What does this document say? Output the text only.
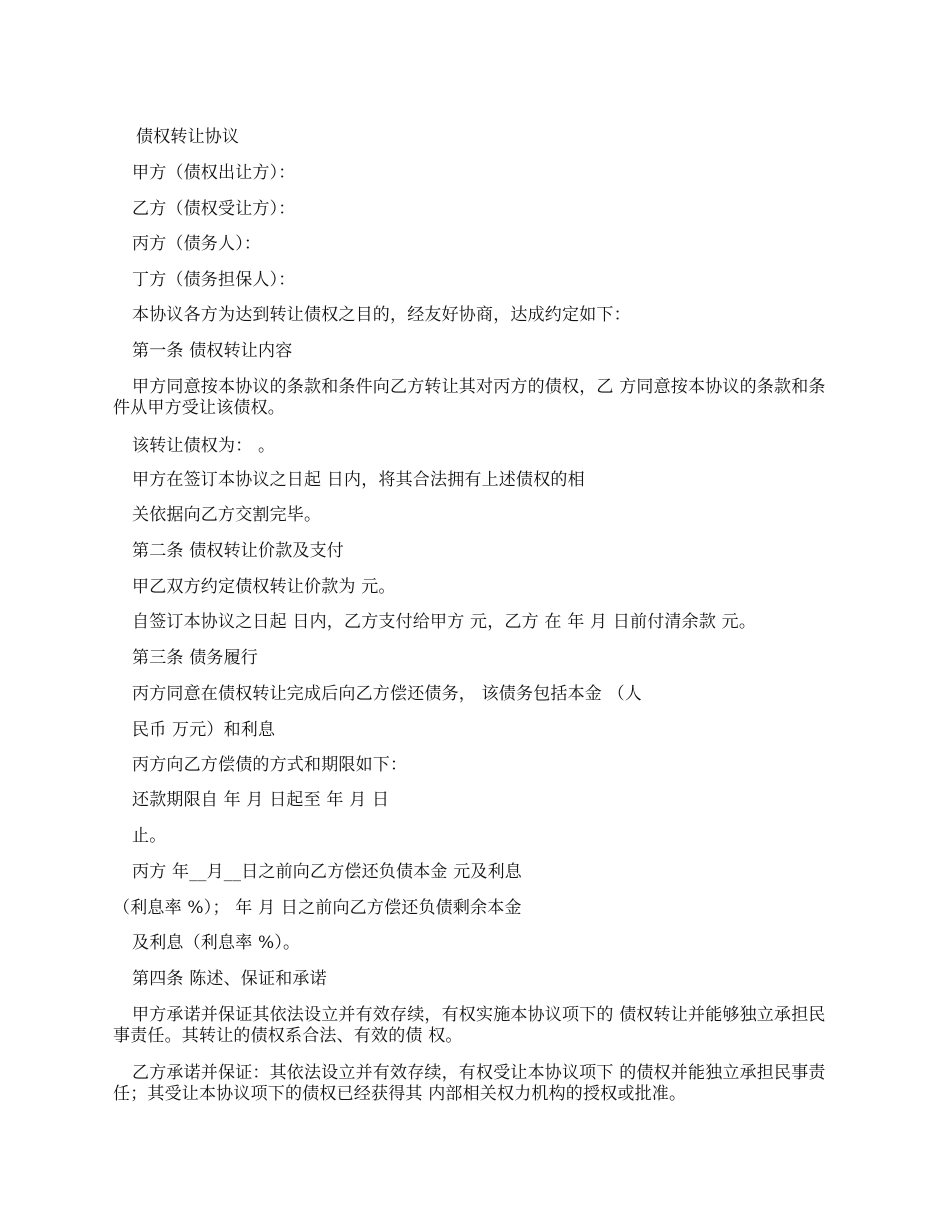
债权转让协议
甲方（债权出让方）：
乙方（债权受让方）：
丙方（债务人）：
丁方（债务担保人）：
本协议各方为达到转让债权之目的，经友好协商，达成约定如下：
第一条 债权转让内容
甲方同意按本协议的条款和条件向乙方转让其对丙方的债权，乙 方同意按本协议的条款和条件从甲方受让该债权。
该转让债权为： 。
甲方在签订本协议之日起 日内，将其合法拥有上述债权的相
关依据向乙方交割完毕。
第二条 债权转让价款及支付
甲乙双方约定债权转让价款为 元。
自签订本协议之日起 日内，乙方支付给甲方 元，乙方 在 年 月 日前付清余款 元。
第三条 债务履行
丙方同意在债权转让完成后向乙方偿还债务， 该债务包括本金 （人
民币 万元）和利息
丙方向乙方偿债的方式和期限如下：
还款期限自 年 月 日起至 年 月 日
止。
丙方 年__月__日之前向乙方偿还负债本金 元及利息
（利息率 %）； 年 月 日之前向乙方偿还负债剩余本金
及利息（利息率 %）。
第四条 陈述、保证和承诺
甲方承诺并保证其依法设立并有效存续，有权实施本协议项下的 债权转让并能够独立承担民事责任。其转让的债权系合法、有效的债 权。
乙方承诺并保证：其依法设立并有效存续，有权受让本协议项下 的债权并能独立承担民事责任；其受让本协议项下的债权已经获得其 内部相关权力机构的授权或批准。
